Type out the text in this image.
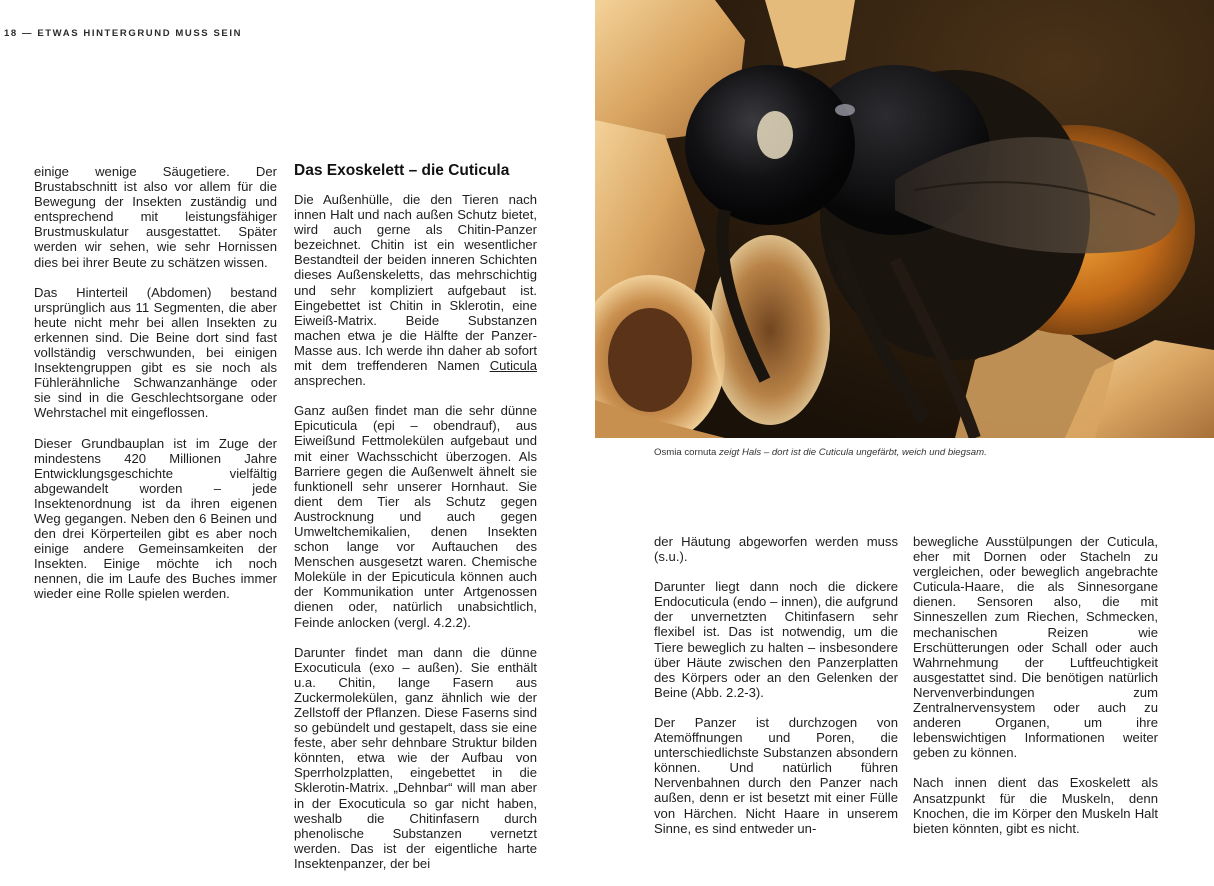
18 — ETWAS HINTERGRUND MUSS SEIN

einige wenige Säugetiere. Der Brustabschnitt ist also vor allem für die Bewegung der Insekten zuständig und entsprechend mit leistungsfähiger Brustmuskulatur ausgestattet. Später werden wir sehen, wie sehr Hornissen dies bei ihrer Beute zu schätzen wissen.

Das Hinterteil (Abdomen) bestand ursprünglich aus 11 Segmenten, die aber heute nicht mehr bei allen Insekten zu erkennen sind. Die Beine dort sind fast vollständig verschwunden, bei einigen Insektengruppen gibt es sie noch als Fühlerähnliche Schwanzanhänge oder sie sind in die Geschlechtsorgane oder Wehrstachel mit eingeflossen.

Dieser Grundbauplan ist im Zuge der mindestens 420 Millionen Jahre Entwicklungsgeschichte vielfältig abgewandelt worden – jede Insektenordnung ist da ihren eigenen Weg gegangen. Neben den 6 Beinen und den drei Körperteilen gibt es aber noch einige andere Gemeinsamkeiten der Insekten. Einige möchte ich noch nennen, die im Laufe des Buches immer wieder eine Rolle spielen werden.

Das Exoskelett – die Cuticula

Die Außenhülle, die den Tieren nach innen Halt und nach außen Schutz bietet, wird auch gerne als Chitin-Panzer bezeichnet. Chitin ist ein wesentlicher Bestandteil der beiden inneren Schichten dieses Außenskeletts, das mehrschichtig und sehr kompliziert aufgebaut ist. Eingebettet ist Chitin in Sklerotin, eine Eiweiß-Matrix. Beide Substanzen machen etwa je die Hälfte der Panzer-Masse aus. Ich werde ihn daher ab sofort mit dem treffenderen Namen Cuticula ansprechen.

Ganz außen findet man die sehr dünne Epicuticula (epi – obendrauf), aus Eiweißund Fettmolekülen aufgebaut und mit einer Wachsschicht überzogen. Als Barriere gegen die Außenwelt ähnelt sie funktionell sehr unserer Hornhaut. Sie dient dem Tier als Schutz gegen Austrocknung und auch gegen Umweltchemikalien, denen Insekten schon lange vor Auftauchen des Menschen ausgesetzt waren. Chemische Moleküle in der Epicuticula können auch der Kommunikation unter Artgenossen dienen oder, natürlich unabsichtlich, Feinde anlocken (vergl. 4.2.2).

Darunter findet man dann die dünne Exocuticula (exo – außen). Sie enthält u.a. Chitin, lange Fasern aus Zuckermolekülen, ganz ähnlich wie der Zellstoff der Pflanzen. Diese Faserns sind so gebündelt und gestapelt, dass sie eine feste, aber sehr dehnbare Struktur bilden könnten, etwa wie der Aufbau von Sperrholzplatten, eingebettet in die Sklerotin-Matrix. „Dehnbar“ will man aber in der Exocuticula so gar nicht haben, weshalb die Chitinfasern durch phenolische Substanzen vernetzt werden. Das ist der eigentliche harte Insektenpanzer, der bei

Osmia cornuta zeigt Hals – dort ist die Cuticula ungefärbt, weich und biegsam.

der Häutung abgeworfen werden muss (s.u.).

Darunter liegt dann noch die dickere Endocuticula (endo – innen), die aufgrund der unvernetzten Chitinfasern sehr flexibel ist. Das ist notwendig, um die Tiere beweglich zu halten – insbesondere über Häute zwischen den Panzerplatten des Körpers oder an den Gelenken der Beine (Abb. 2.2-3).

Der Panzer ist durchzogen von Atemöffnungen und Poren, die unterschiedlichste Substanzen absondern können. Und natürlich führen Nervenbahnen durch den Panzer nach außen, denn er ist besetzt mit einer Fülle von Härchen. Nicht Haare in unserem Sinne, es sind entweder un-

bewegliche Ausstülpungen der Cuticula, eher mit Dornen oder Stacheln zu vergleichen, oder beweglich angebrachte Cuticula-Haare, die als Sinnesorgane dienen. Sensoren also, die mit Sinneszellen zum Riechen, Schmecken, mechanischen Reizen wie Erschütterungen oder Schall oder auch Wahrnehmung der Luftfeuchtigkeit ausgestattet sind. Die benötigen natürlich Nervenverbindungen zum Zentralnervensystem oder auch zu anderen Organen, um ihre lebenswichtigen Informationen weiter geben zu können.

Nach innen dient das Exoskelett als Ansatzpunkt für die Muskeln, denn Knochen, die im Körper den Muskeln Halt bieten könnten, gibt es nicht.
